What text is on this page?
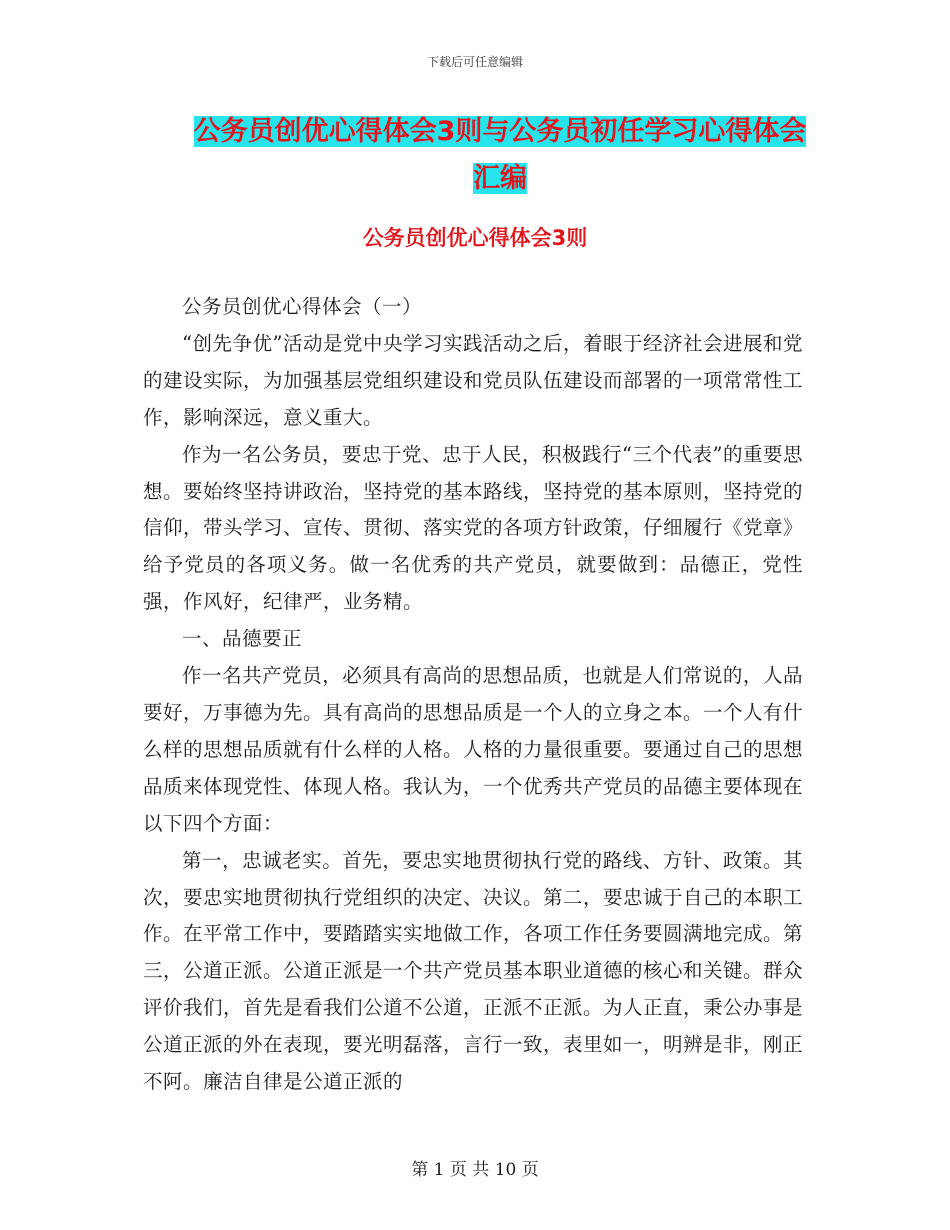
下载后可任意编辑
公务员创优心得体会3则与公务员初任学习心得体会
汇编
公务员创优心得体会3则

公务员创优心得体会（一）

“创先争优”活动是党中央学习实践活动之后，着眼于经济社会进展和党的建设实际，为加强基层党组织建设和党员队伍建设而部署的一项常常性工作，影响深远，意义重大。

作为一名公务员，要忠于党、忠于人民，积极践行“三个代表”的重要思想。要始终坚持讲政治，坚持党的基本路线，坚持党的基本原则，坚持党的信仰，带头学习、宣传、贯彻、落实党的各项方针政策，仔细履行《党章》给予党员的各项义务。做一名优秀的共产党员，就要做到：品德正，党性强，作风好，纪律严，业务精。

一、品德要正

作一名共产党员，必须具有高尚的思想品质，也就是人们常说的，人品要好，万事德为先。具有高尚的思想品质是一个人的立身之本。一个人有什么样的思想品质就有什么样的人格。人格的力量很重要。要通过自己的思想品质来体现党性、体现人格。我认为，一个优秀共产党员的品德主要体现在以下四个方面：

第一，忠诚老实。首先，要忠实地贯彻执行党的路线、方针、政策。其次，要忠实地贯彻执行党组织的决定、决议。第二，要忠诚于自己的本职工作。在平常工作中，要踏踏实实地做工作，各项工作任务要圆满地完成。第三，公道正派。公道正派是一个共产党员基本职业道德的核心和关键。群众评价我们，首先是看我们公道不公道，正派不正派。为人正直，秉公办事是公道正派的外在表现，要光明磊落，言行一致，表里如一，明辨是非，刚正不阿。廉洁自律是公道正派的

第 1 页 共 10 页
